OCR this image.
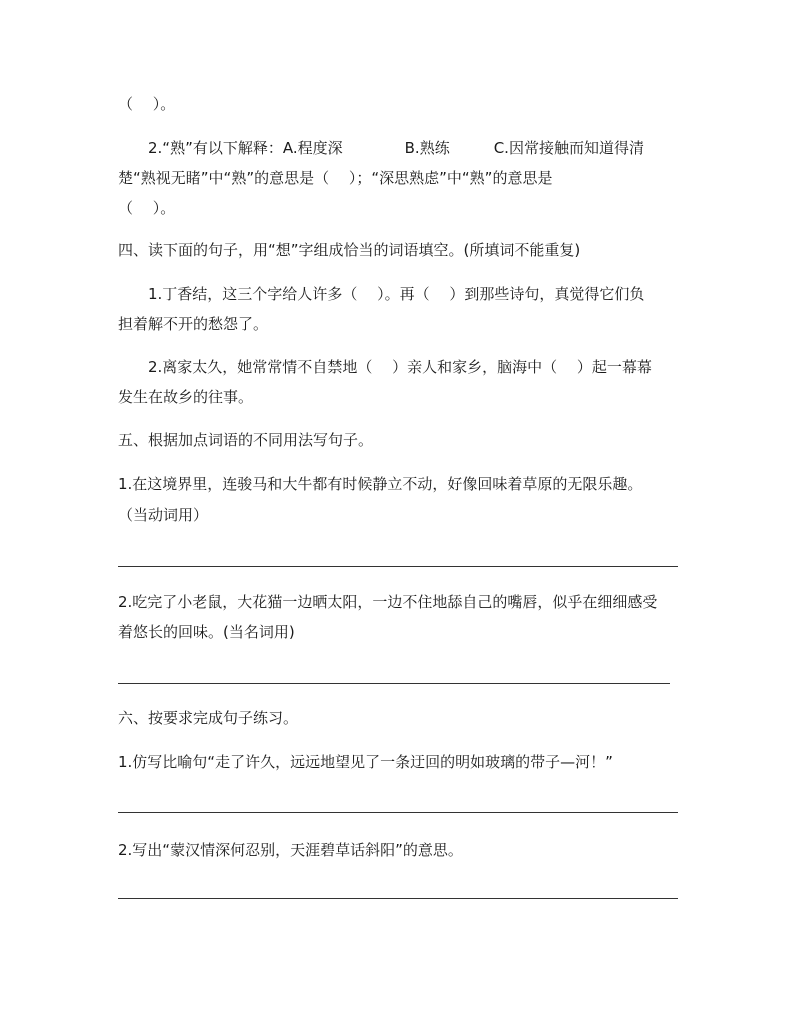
（　 ）。
2.“熟”有以下解释：A.程度深	B.熟练	C.因常接触而知道得清
楚“熟视无睹”中“熟”的意思是（　 ）；“深思熟虑”中“熟”的意思是
（　 ）。
四、读下面的句子，用“想”字组成恰当的词语填空。(所填词不能重复)
1.丁香结，这三个字给人许多（　 ）。再（　 ）到那些诗句，真觉得它们负
担着解不开的愁怨了。
2.离家太久，她常常情不自禁地（　 ）亲人和家乡，脑海中（　 ）起一幕幕
发生在故乡的往事。
五、根据加点词语的不同用法写句子。
1.在这境界里，连骏马和大牛都有时候静立不动，好像回味着草原的无限乐趣。
（当动词用）
2.吃完了小老鼠，大花猫一边晒太阳，一边不住地舔自己的嘴唇，似乎在细细感受
着悠长的回味。(当名词用)
六、按要求完成句子练习。
1.仿写比喻句“走了许久，远远地望见了一条迂回的明如玻璃的带子—河！”
2.写出“蒙汉情深何忍别，天涯碧草话斜阳”的意思。
